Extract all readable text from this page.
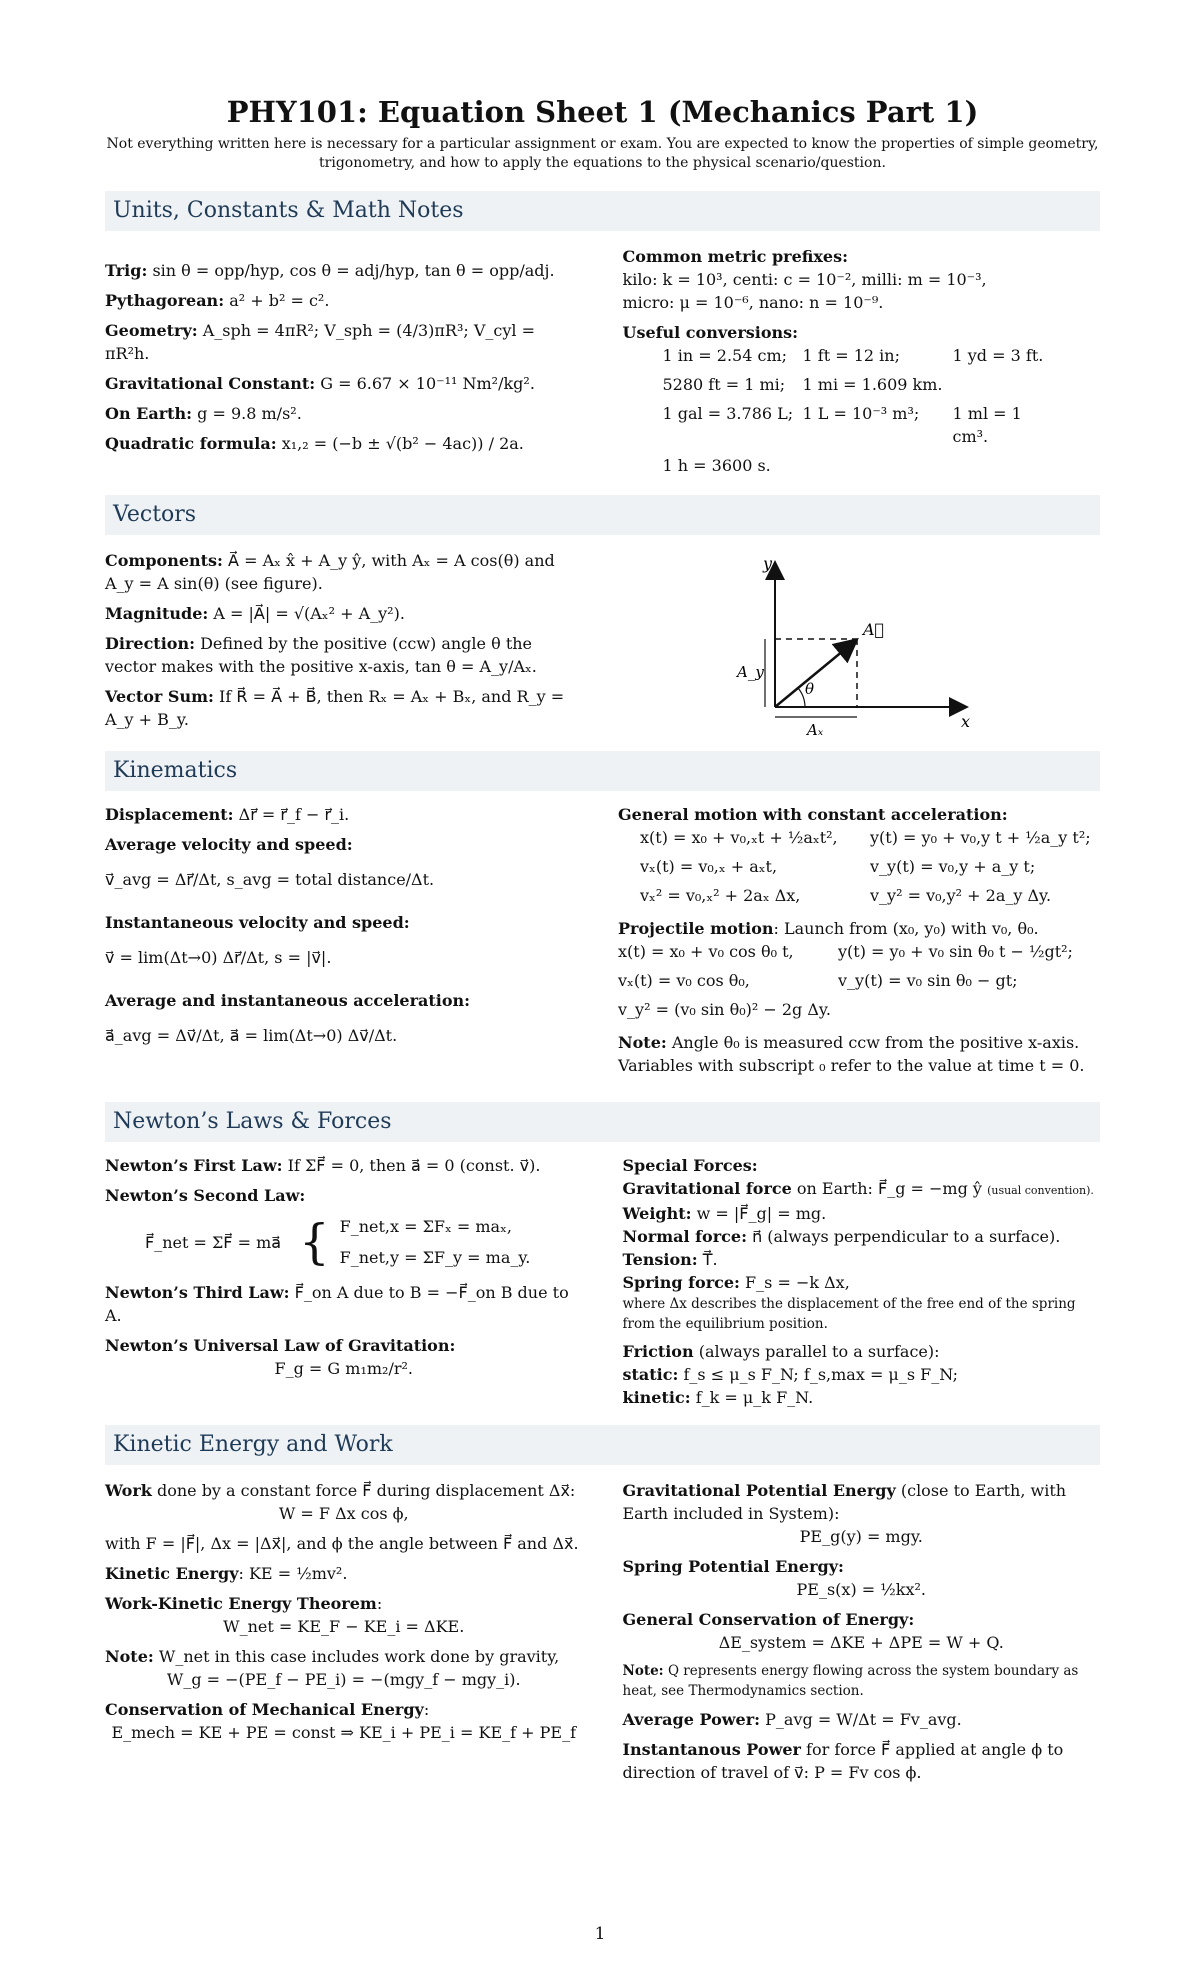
PHY101: Equation Sheet 1 (Mechanics Part 1)

Not everything written here is necessary for a particular assignment or exam. You are expected to know the properties of simple geometry, trigonometry, and how to apply the equations to the physical scenario/question.

Units, Constants & Math Notes

Trig: sin θ = opp/hyp, cos θ = adj/hyp, tan θ = opp/adj.

Pythagorean: a² + b² = c².

Geometry: A_sph = 4πR²; V_sph = (4/3)πR³; V_cyl = πR²h.

Gravitational Constant: G = 6.67 × 10⁻¹¹ Nm²/kg².

On Earth: g = 9.8 m/s².

Quadratic formula: x₁,₂ = (−b ± √(b² − 4ac)) / 2a.

Common metric prefixes:

kilo: k = 10³, centi: c = 10⁻², milli: m = 10⁻³,

micro: μ = 10⁻⁶, nano: n = 10⁻⁹.

Useful conversions:

1 in = 2.54 cm; 1 ft = 12 in;	1 yd = 3 ft.
5280 ft = 1 mi;	1 mi = 1.609 km.
1 gal = 3.786 L; 1 L = 10⁻³ m³;	1 ml = 1 cm³.
1 h = 3600 s.
Vectors

Components: A⃗ = Aₓ x̂ + A_y ŷ, with Aₓ = A cos(θ) and A_y = A sin(θ) (see figure).

Magnitude: A = |A⃗| = √(Aₓ² + A_y²).

Direction: Defined by the positive (ccw) angle θ the vector makes with the positive x-axis, tan θ = A_y/Aₓ.

Vector Sum: If R⃗ = A⃗ + B⃗, then Rₓ = Aₓ + Bₓ, and R_y = A_y + B_y.

y
x
A⃗
A_y
Aₓ
θ
Kinematics

Displacement: Δr⃗ = r⃗_f − r⃗_i.

Average velocity and speed:

v⃗_avg = Δr⃗/Δt, s_avg = total distance/Δt.

Instantaneous velocity and speed:

v⃗ = lim(Δt→0) Δr⃗/Δt, s = |v⃗|.

Average and instantaneous acceleration:

a⃗_avg = Δv⃗/Δt, a⃗ = lim(Δt→0) Δv⃗/Δt.

General motion with constant acceleration:

x(t) = x₀ + v₀,ₓt + ½aₓt²,	y(t) = y₀ + v₀,y t + ½a_y t²;
vₓ(t) = v₀,ₓ + aₓt,	v_y(t) = v₀,y + a_y t;
vₓ² = v₀,ₓ² + 2aₓ Δx,	v_y² = v₀,y² + 2a_y Δy.

Projectile motion: Launch from (x₀, y₀) with v₀, θ₀.

x(t) = x₀ + v₀ cos θ₀ t,	y(t) = y₀ + v₀ sin θ₀ t − ½gt²;
vₓ(t) = v₀ cos θ₀,	v_y(t) = v₀ sin θ₀ − gt;
v_y² = (v₀ sin θ₀)² − 2g Δy.

Note: Angle θ₀ is measured ccw from the positive x-axis. Variables with subscript ₀ refer to the value at time t = 0.

Newton’s Laws & Forces

Newton’s First Law: If ΣF⃗ = 0, then a⃗ = 0 (const. v⃗).

Newton’s Second Law:

F⃗_net = ΣF⃗ = ma⃗ { F_net,x = ΣFₓ = maₓ,
F_net,y = ΣF_y = ma_y.

Newton’s Third Law: F⃗_on A due to B = −F⃗_on B due to A.

Newton’s Universal Law of Gravitation:

F_g = G m₁m₂/r².

Special Forces:

Gravitational force on Earth: F⃗_g = −mg ŷ (usual convention).

Weight: w = |F⃗_g| = mg.

Normal force: n⃗ (always perpendicular to a surface).

Tension: T⃗.

Spring force: F_s = −k Δx,

where Δx describes the displacement of the free end of the spring from the equilibrium position.

Friction (always parallel to a surface):

static: f_s ≤ μ_s F_N; f_s,max = μ_s F_N;

kinetic: f_k = μ_k F_N.

Kinetic Energy and Work

Work done by a constant force F⃗ during displacement Δx⃗:

W = F Δx cos ϕ,

with F = |F⃗|, Δx = |Δx⃗|, and ϕ the angle between F⃗ and Δx⃗.

Kinetic Energy: KE = ½mv².

Work-Kinetic Energy Theorem:

W_net = KE_F − KE_i = ΔKE.

Note: W_net in this case includes work done by gravity,

W_g = −(PE_f − PE_i) = −(mgy_f − mgy_i).

Conservation of Mechanical Energy:

E_mech = KE + PE = const ⇒ KE_i + PE_i = KE_f + PE_f

Gravitational Potential Energy (close to Earth, with Earth included in System):

PE_g(y) = mgy.

Spring Potential Energy:

PE_s(x) = ½kx².

General Conservation of Energy:

ΔE_system = ΔKE + ΔPE = W + Q.

Note: Q represents energy flowing across the system boundary as heat, see Thermodynamics section.

Average Power: P_avg = W/Δt = Fv_avg.

Instantanous Power for force F⃗ applied at angle ϕ to direction of travel of v⃗: P = Fv cos ϕ.

1
